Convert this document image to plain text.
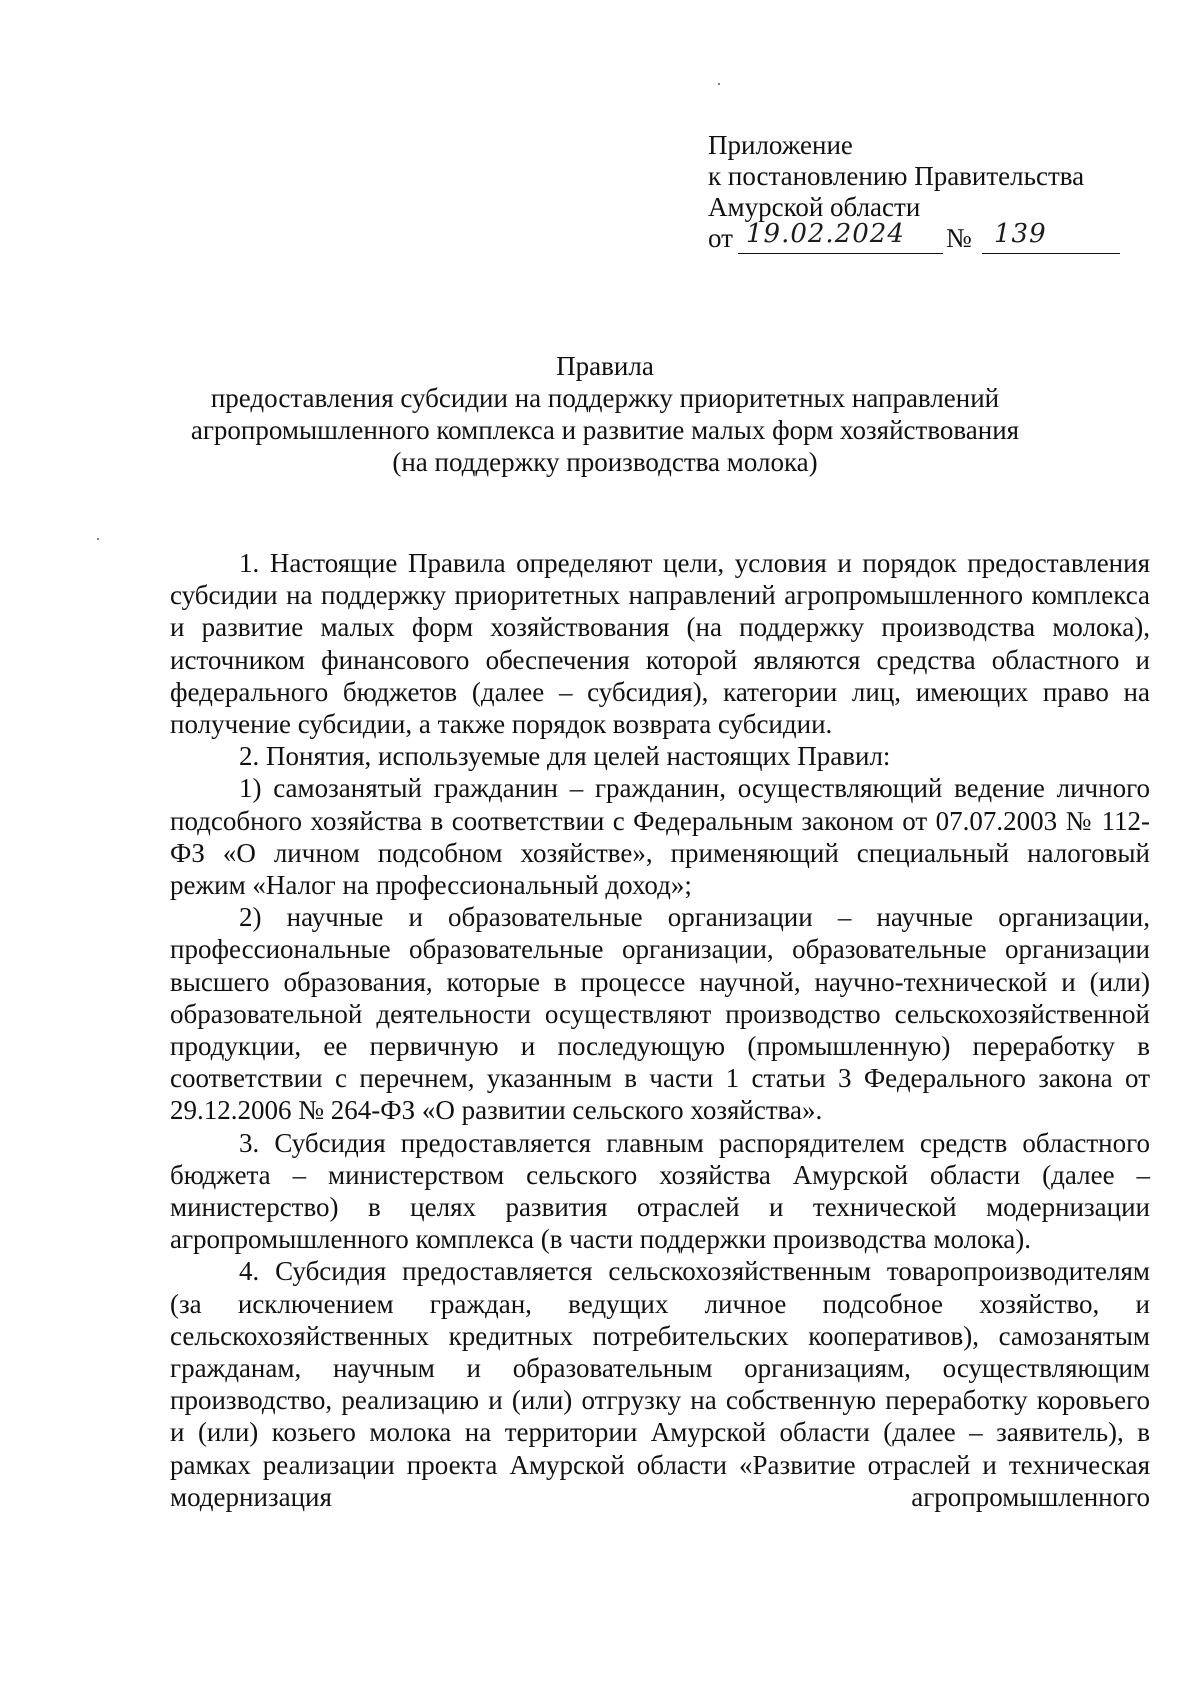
Приложение
к постановлению Правительства
Амурской области
от 19.02.2024 № 139
Правила
предоставления субсидии на поддержку приоритетных направлений
агропромышленного комплекса и развитие малых форм хозяйствования
(на поддержку производства молока)

1. Настоящие Правила определяют цели, условия и порядок предоставления субсидии на поддержку приоритетных направлений агропромышленного комплекса и развитие малых форм хозяйствования (на поддержку производства молока), источником финансового обеспечения которой являются средства областного и федерального бюджетов (далее – субсидия), категории лиц, имеющих право на получение субсидии, а также порядок возврата субсидии.

2. Понятия, используемые для целей настоящих Правил:

1) самозанятый гражданин – гражданин, осуществляющий ведение личного подсобного хозяйства в соответствии с Федеральным законом от 07.07.2003 № 112-ФЗ «О личном подсобном хозяйстве», применяющий специальный налоговый режим «Налог на профессиональный доход»;

2) научные и образовательные организации – научные организации, профессиональные образовательные организации, образовательные организации высшего образования, которые в процессе научной, научно-технической и (или) образовательной деятельности осуществляют производство сельскохозяйственной продукции, ее первичную и последующую (промышленную) переработку в соответствии с перечнем, указанным в части 1 статьи 3 Федерального закона от 29.12.2006 № 264-ФЗ «О развитии сельского хозяйства».

3. Субсидия предоставляется главным распорядителем средств областного бюджета – министерством сельского хозяйства Амурской области (далее – министерство) в целях развития отраслей и технической модернизации агропромышленного комплекса (в части поддержки производства молока).

4. Субсидия предоставляется сельскохозяйственным товаропроизводителям (за исключением граждан, ведущих личное подсобное хозяйство, и сельскохозяйственных кредитных потребительских кооперативов), самозанятым гражданам, научным и образовательным организациям, осуществляющим производство, реализацию и (или) отгрузку на собственную переработку коровьего и (или) козьего молока на территории Амурской области (далее – заявитель), в рамках реализации проекта Амурской области «Развитие отраслей и техническая модернизация агропромышленного
